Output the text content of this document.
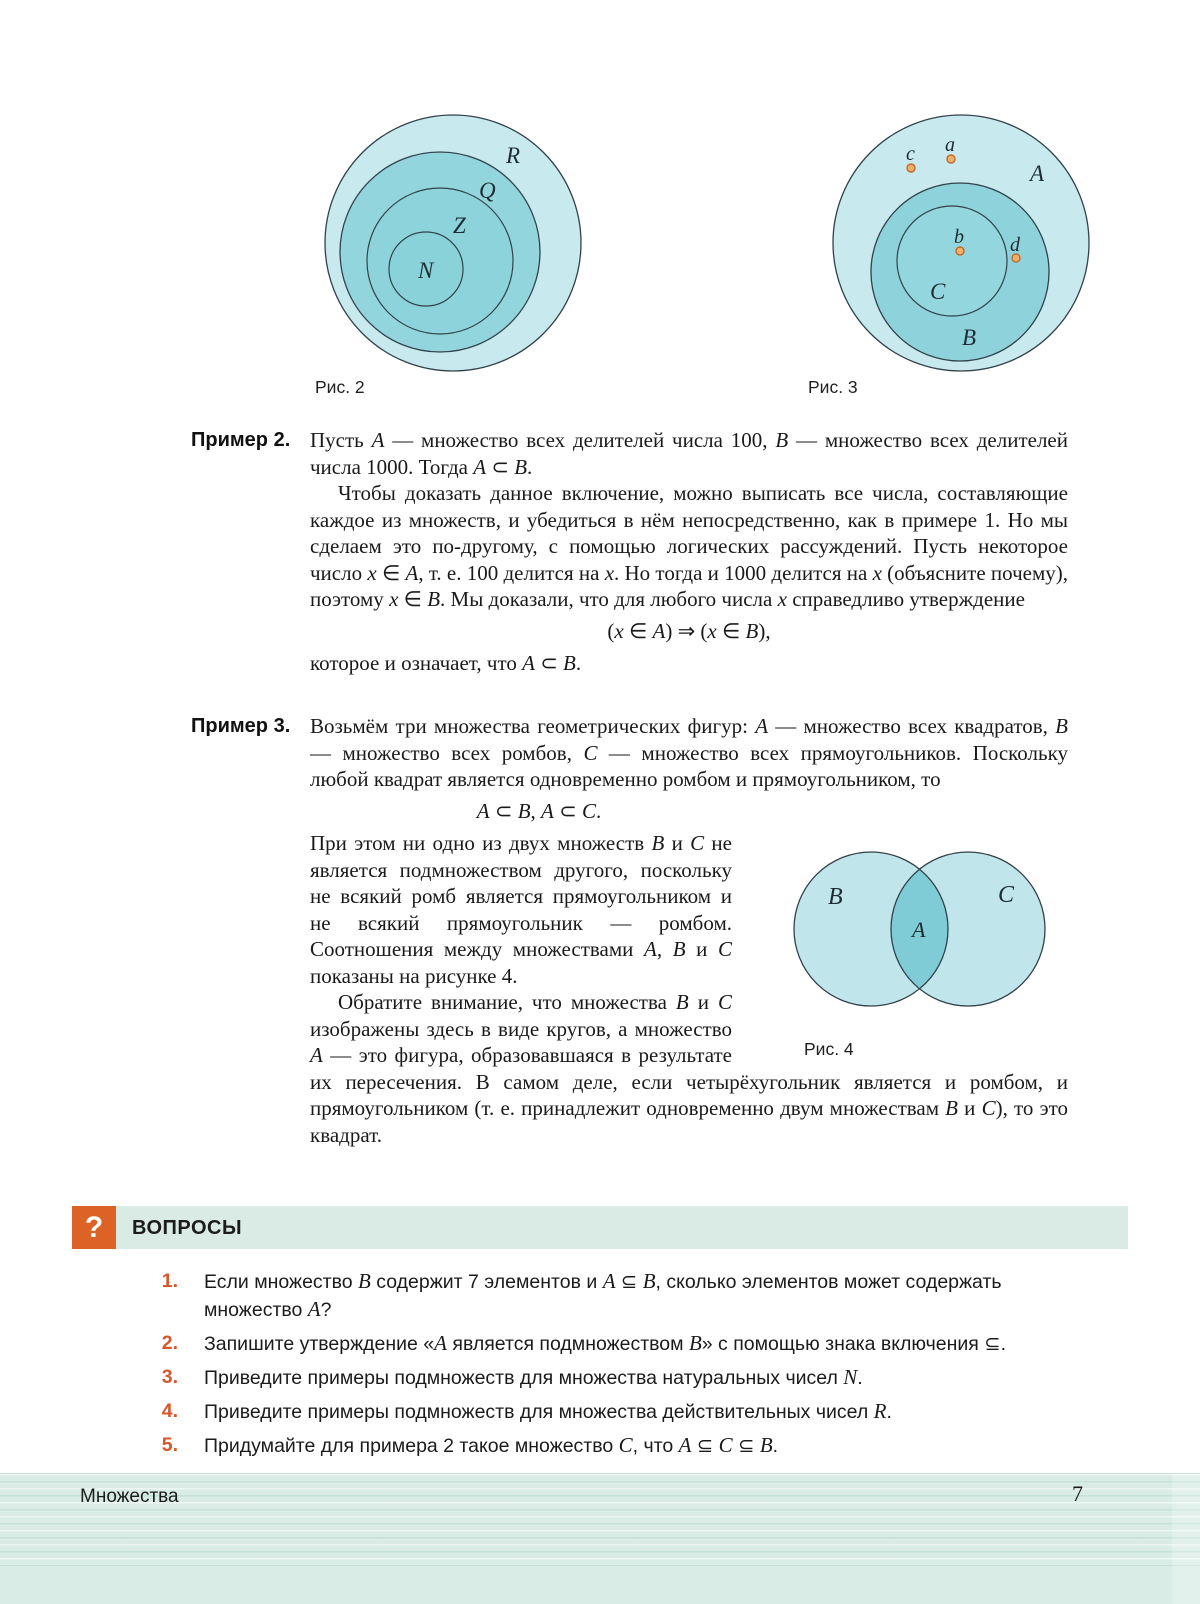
R
Q
Z
N
Рис. 2
a
c
b d
A
C
B
Рис. 3
Пример 2. Пусть A — множество всех делителей числа 100, B — множество всех делителей числа 1000. Тогда A ⊂ B.

Чтобы доказать данное включение, можно выписать все числа, составляющие каждое из множеств, и убедиться в нём непосредственно, как в примере 1. Но мы сделаем это по-другому, с помощью логических рассуждений. Пусть некоторое число x ∈ A, т. е. 100 делится на x. Но тогда и 1000 делится на x (объясните почему), поэтому x ∈ B. Мы доказали, что для любого числа x справедливо утверждение

(x ∈ A) ⇒ (x ∈ B),

которое и означает, что A ⊂ B.

Пример 3. Возьмём три множества геометрических фигур: A — множество всех квадратов, B — множество всех ромбов, C — множество всех прямоугольников. Поскольку любой квадрат является одновременно ромбом и прямоугольником, то

A ⊂ B, A ⊂ C.
B	C
A
Рис. 4

При этом ни одно из двух множеств B и C не является подмножеством другого, поскольку не всякий ромб является прямоугольником и не всякий прямоугольник — ромбом. Соотношения между множествами A, B и C показаны на рисунке 4.

Обратите внимание, что множества B и C изображены здесь в виде кругов, а множество A — это фигура, образовавшаяся в результате их пересечения. В самом деле, если четырёхугольник является и ромбом, и прямоугольником (т. е. принадлежит одновременно двум множествам B и C), то это квадрат.

?	ВОПРОСЫ
1. Если множество B содержит 7 элементов и A ⊆ B, сколько элементов может содержать множество A?
2. Запишите утверждение «A является подмножеством B» с помощью знака включения ⊆.
3. Приведите примеры подмножеств для множества натуральных чисел N.
4. Приведите примеры подмножеств для множества действительных чисел R.
5. Придумайте для примера 2 такое множество C, что A ⊆ C ⊆ B.
Множества	7
